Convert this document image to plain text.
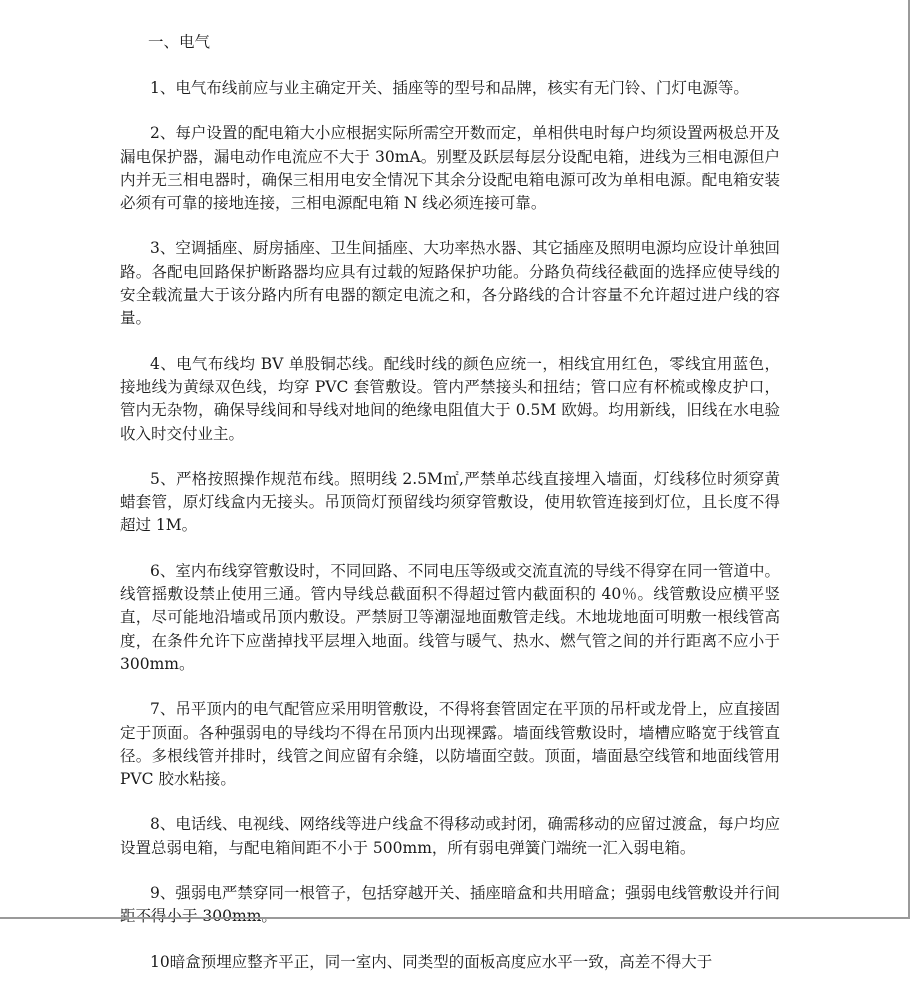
一、电气

1、电气布线前应与业主确定开关、插座等的型号和品牌，核实有无门铃、门灯电源等。

2、每户设置的配电箱大小应根据实际所需空开数而定，单相供电时每户均须设置两极总开及漏电保护器，漏电动作电流应不大于 30mA。别墅及跃层每层分设配电箱，进线为三相电源但户内并无三相电器时，确保三相用电安全情况下其余分设配电箱电源可改为单相电源。配电箱安装必须有可靠的接地连接，三相电源配电箱 N 线必须连接可靠。

3、空调插座、厨房插座、卫生间插座、大功率热水器、其它插座及照明电源均应设计单独回路。各配电回路保护断路器均应具有过载的短路保护功能。分路负荷线径截面的选择应使导线的安全载流量大于该分路内所有电器的额定电流之和，各分路线的合计容量不允许超过进户线的容量。

4、电气布线均 BV 单股铜芯线。配线时线的颜色应统一，相线宜用红色，零线宜用蓝色，接地线为黄绿双色线，均穿 PVC 套管敷设。管内严禁接头和扭结；管口应有杯梳或橡皮护口，管内无杂物，确保导线间和导线对地间的绝缘电阻值大于 0.5M 欧姆。均用新线，旧线在水电验收入时交付业主。

5、严格按照操作规范布线。照明线 2.5M㎡,严禁单芯线直接埋入墙面，灯线移位时须穿黄蜡套管，原灯线盒内无接头。吊顶筒灯预留线均须穿管敷设，使用软管连接到灯位，且长度不得超过 1M。

6、室内布线穿管敷设时，不同回路、不同电压等级或交流直流的导线不得穿在同一管道中。线管摇敷设禁止使用三通。管内导线总截面积不得超过管内截面积的 40％。线管敷设应横平竖直，尽可能地沿墙或吊顶内敷设。严禁厨卫等潮湿地面敷管走线。木地垅地面可明敷一根线管高度，在条件允许下应凿掉找平层埋入地面。线管与暖气、热水、燃气管之间的并行距离不应小于 300mm。

7、吊平顶内的电气配管应采用明管敷设，不得将套管固定在平顶的吊杆或龙骨上，应直接固定于顶面。各种强弱电的导线均不得在吊顶内出现裸露。墙面线管敷设时，墙槽应略宽于线管直径。多根线管并排时，线管之间应留有余缝，以防墙面空鼓。顶面，墙面悬空线管和地面线管用 PVC 胶水粘接。

8、电话线、电视线、网络线等进户线盒不得移动或封闭，确需移动的应留过渡盒，每户均应设置总弱电箱，与配电箱间距不小于 500mm，所有弱电弹簧门端统一汇入弱电箱。

9、强弱电严禁穿同一根管子，包括穿越开关、插座暗盒和共用暗盒；强弱电线管敷设并行间

10暗盒预埋应整齐平正，同一室内、同类型的面板高度应水平一致，高差不得大于
